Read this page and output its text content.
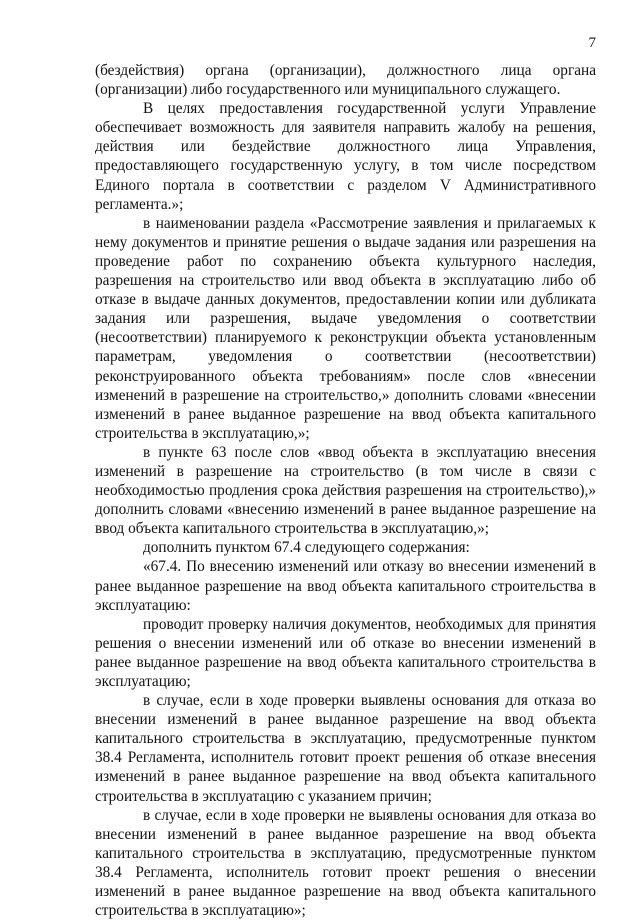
7

(бездействия) органа (организации), должностного лица органа (организации) либо государственного или муниципального служащего.

В целях предоставления государственной услуги Управление обеспечивает возможность для заявителя направить жалобу на решения, действия или бездействие должностного лица Управления, предоставляющего государственную услугу, в том числе посредством Единого портала в соответствии с разделом V Административного регламента.»;

в наименовании раздела «Рассмотрение заявления и прилагаемых к нему документов и принятие решения о выдаче задания или разрешения на проведение работ по сохранению объекта культурного наследия, разрешения на строительство или ввод объекта в эксплуатацию либо об отказе в выдаче данных документов, предоставлении копии или дубликата задания или разрешения, выдаче уведомления о соответствии (несоответствии) планируемого к реконструкции объекта установленным параметрам, уведомления о соответствии (несоответствии) реконструированного объекта требованиям» после слов «внесении изменений в разрешение на строительство,» дополнить словами «внесении изменений в ранее выданное разрешение на ввод объекта капитального строительства в эксплуатацию,»;

в пункте 63 после слов «ввод объекта в эксплуатацию внесения изменений в разрешение на строительство (в том числе в связи с необходимостью продления срока действия разрешения на строительство),» дополнить словами «внесению изменений в ранее выданное разрешение на ввод объекта капитального строительства в эксплуатацию,»;

дополнить пунктом 67.4 следующего содержания:

«67.4. По внесению изменений или отказу во внесении изменений в ранее выданное разрешение на ввод объекта капитального строительства в эксплуатацию:

проводит проверку наличия документов, необходимых для принятия решения о внесении изменений или об отказе во внесении изменений в ранее выданное разрешение на ввод объекта капитального строительства в эксплуатацию;

в случае, если в ходе проверки выявлены основания для отказа во внесении изменений в ранее выданное разрешение на ввод объекта капитального строительства в эксплуатацию, предусмотренные пунктом 38.4 Регламента, исполнитель готовит проект решения об отказе внесения изменений в ранее выданное разрешение на ввод объекта капитального строительства в эксплуатацию с указанием причин;

в случае, если в ходе проверки не выявлены основания для отказа во внесении изменений в ранее выданное разрешение на ввод объекта капитального строительства в эксплуатацию, предусмотренные пунктом 38.4 Регламента, исполнитель готовит проект решения о внесении изменений в ранее выданное разрешение на ввод объекта капитального строительства в эксплуатацию»;
